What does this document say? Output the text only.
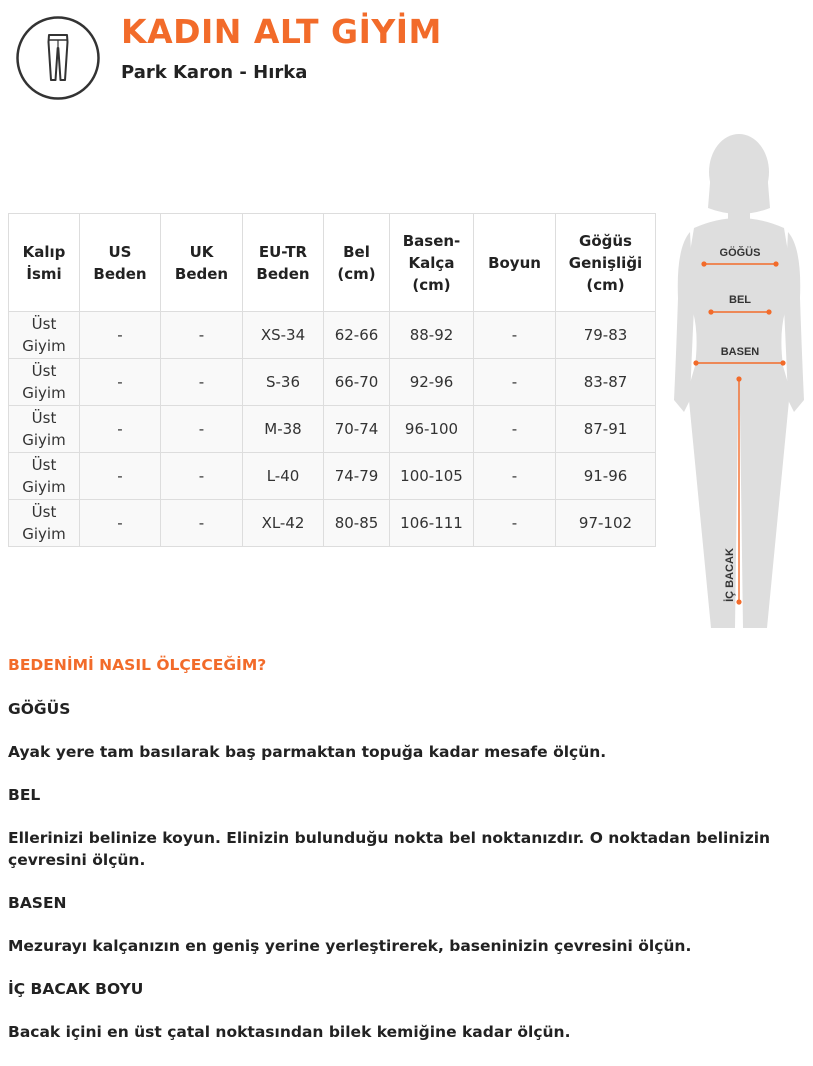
KADIN ALT GİYİM
Park Karon - Hırka
Kalıp İsmi	US Beden	UK Beden	EU-TR Beden	Bel (cm)	Basen-Kalça (cm)	Boyun	Göğüs Genişliği (cm)
Üst Giyim	-	-	XS-34	62-66	88-92	-	79-83
Üst Giyim	-	-	S-36	66-70	92-96	-	83-87
Üst Giyim	-	-	M-38	70-74	96-100	-	87-91
Üst Giyim	-	-	L-40	74-79	100-105	-	91-96
Üst Giyim	-	-	XL-42	80-85	106-111	-	97-102
GÖĞÜS
BEL
BASEN
İÇ BACAK

BEDENİMİ NASIL ÖLÇECEĞİM?

GÖĞÜS

Ayak yere tam basılarak baş parmaktan topuğa kadar mesafe ölçün.

BEL

Ellerinizi belinize koyun. Elinizin bulunduğu nokta bel noktanızdır. O noktadan belinizin çevresini ölçün.

BASEN

Mezurayı kalçanızın en geniş yerine yerleştirerek, baseninizin çevresini ölçün.

İÇ BACAK BOYU

Bacak içini en üst çatal noktasından bilek kemiğine kadar ölçün.
